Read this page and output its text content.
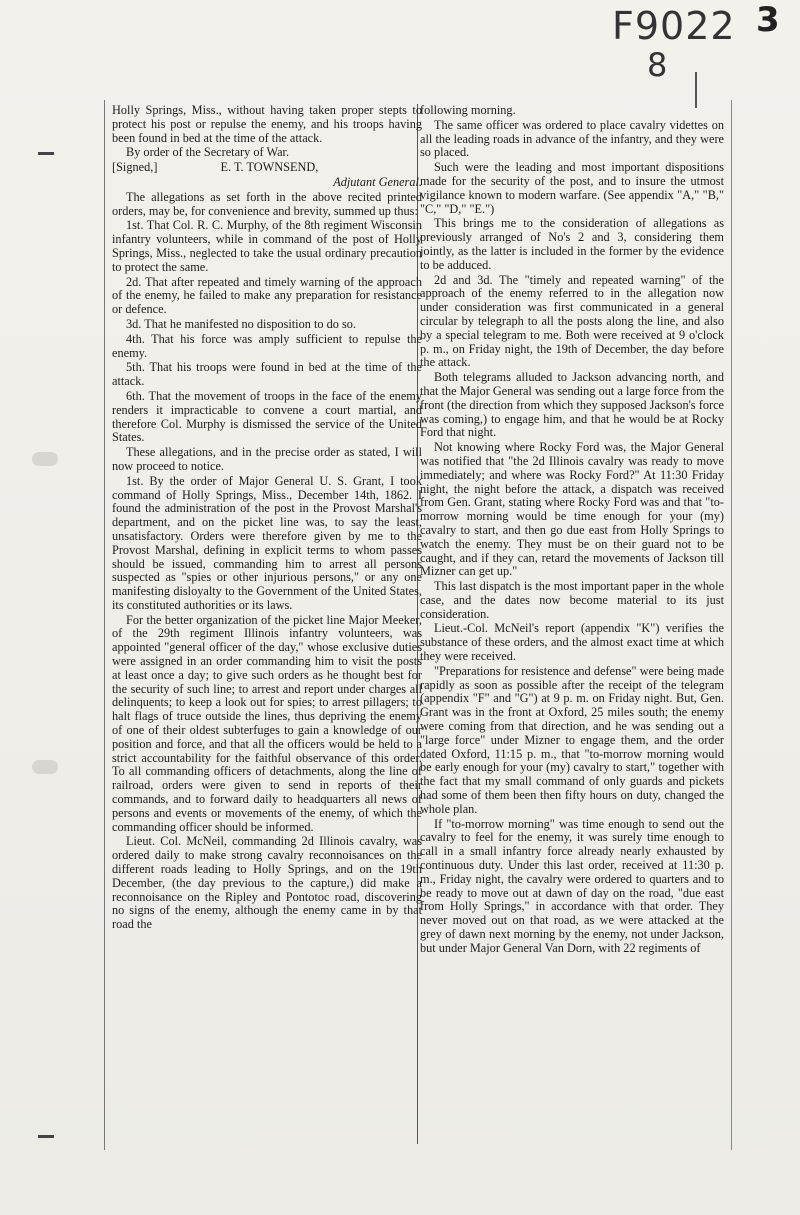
F9022
8
3

Holly Springs, Miss., without having taken proper stepts to protect his post or repulse the enemy, and his troops having been found in bed at the time of the attack.

By order of the Secretary of War.

[Signed,]	E. T. TOWNSEND,

Adjutant General.

The allegations as set forth in the above recited printed orders, may be, for convenience and brevity, summed up thus:

1st. That Col. R. C. Murphy, of the 8th regiment Wisconsin infantry volunteers, while in command of the post of Holly Springs, Miss., neglected to take the usual ordinary precaution to protect the same.

2d. That after repeated and timely warning of the approach of the enemy, he failed to make any preparation for resistance or defence.

3d. That he manifested no disposition to do so.

4th. That his force was amply sufficient to repulse the enemy.

5th. That his troops were found in bed at the time of the attack.

6th. That the movement of troops in the face of the enemy renders it impracticable to convene a court martial, and therefore Col. Murphy is dismissed the service of the United States.

These allegations, and in the precise order as stated, I will now proceed to notice.

1st. By the order of Major General U. S. Grant, I took command of Holly Springs, Miss., December 14th, 1862. I found the administration of the post in the Provost Marshal's department, and on the picket line was, to say the least, unsatisfactory. Orders were therefore given by me to the Provost Marshal, defining in explicit terms to whom passes should be issued, commanding him to arrest all persons suspected as "spies or other injurious persons," or any one manifesting disloyalty to the Government of the United States, its constituted authorities or its laws.

For the better organization of the picket line Major Meeker, of the 29th regiment Illinois infantry volunteers, was appointed "general officer of the day," whose exclusive duties were assigned in an order commanding him to visit the posts at least once a day; to give such orders as he thought best for the security of such line; to arrest and report under charges all delinquents; to keep a look out for spies; to arrest pillagers; to halt flags of truce outside the lines, thus depriving the enemy of one of their oldest subterfuges to gain a knowledge of our position and force, and that all the officers would be held to a strict accountability for the faithful observance of this order. To all commanding officers of detachments, along the line of railroad, orders were given to send in reports of their commands, and to forward daily to headquarters all news of persons and events or movements of the enemy, of which the commanding officer should be informed.

Lieut. Col. McNeil, commanding 2d Illinois cavalry, was ordered daily to make strong cavalry reconnoisances on the different roads leading to Holly Springs, and on the 19th December, (the day previous to the capture,) did make a reconnoisance on the Ripley and Pontotoc road, discovering no signs of the enemy, although the enemy came in by that road the

following morning.

The same officer was ordered to place cavalry videttes on all the leading roads in advance of the infantry, and they were so placed.

Such were the leading and most important dispositions made for the security of the post, and to insure the utmost vigilance known to modern warfare. (See appendix "A," "B," "C," "D," "E.")

This brings me to the consideration of allegations as previously arranged of No's 2 and 3, considering them jointly, as the latter is included in the former by the evidence to be adduced.

2d and 3d. The "timely and repeated warning" of the approach of the enemy referred to in the allegation now under consideration was first communicated in a general circular by telegraph to all the posts along the line, and also by a special telegram to me. Both were received at 9 o'clock p. m., on Friday night, the 19th of December, the day before the attack.

Both telegrams alluded to Jackson advancing north, and that the Major General was sending out a large force from the front (the direction from which they supposed Jackson's force was coming,) to engage him, and that he would be at Rocky Ford that night.

Not knowing where Rocky Ford was, the Major General was notified that "the 2d Illinois cavalry was ready to move immediately; and where was Rocky Ford?" At 11:30 Friday night, the night before the attack, a dispatch was received from Gen. Grant, stating where Rocky Ford was and that "to-morrow morning would be time enough for your (my) cavalry to start, and then go due east from Holly Springs to watch the enemy. They must be on their guard not to be caught, and if they can, retard the movements of Jackson till Mizner can get up."

This last dispatch is the most important paper in the whole case, and the dates now become material to its just consideration.

Lieut.-Col. McNeil's report (appendix "K") verifies the substance of these orders, and the almost exact time at which they were received.

"Preparations for resistence and defense" were being made rapidly as soon as possible after the receipt of the telegram (appendix "F" and "G") at 9 p. m. on Friday night. But, Gen. Grant was in the front at Oxford, 25 miles south; the enemy were coming from that direction, and he was sending out a "large force" under Mizner to engage them, and the order dated Oxford, 11:15 p. m., that "to-morrow morning would be early enough for your (my) cavalry to start," together with the fact that my small command of only guards and pickets had some of them been then fifty hours on duty, changed the whole plan.

If "to-morrow morning" was time enough to send out the cavalry to feel for the enemy, it was surely time enough to call in a small infantry force already nearly exhausted by continuous duty. Under this last order, received at 11:30 p. m., Friday night, the cavalry were ordered to quarters and to be ready to move out at dawn of day on the road, "due east from Holly Springs," in accordance with that order. They never moved out on that road, as we were attacked at the grey of dawn next morning by the enemy, not under Jackson, but under Major General Van Dorn, with 22 regiments of
